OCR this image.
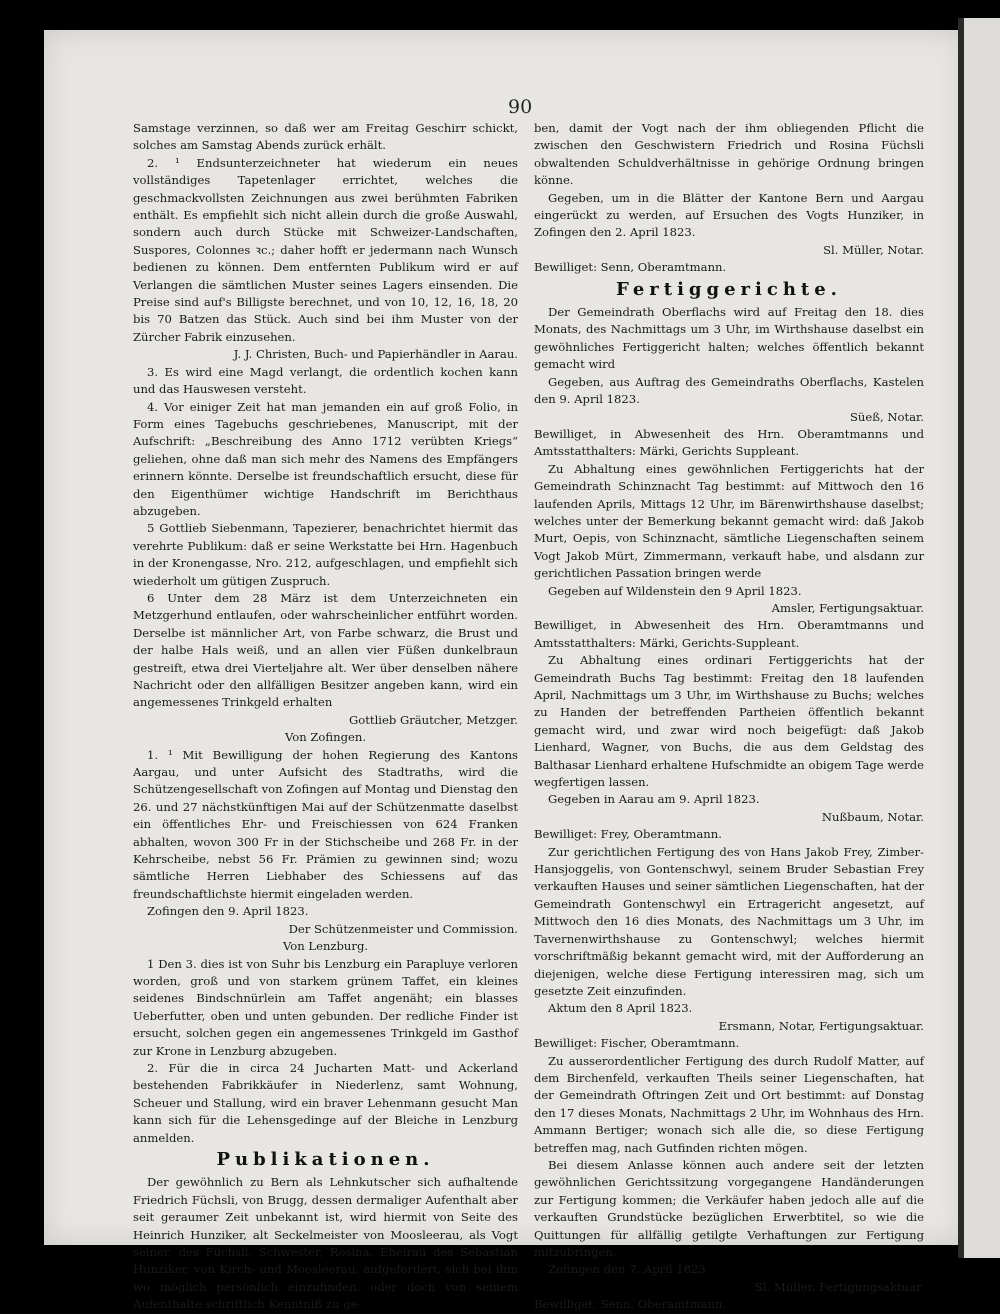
90

Samstage verzinnen, so daß wer am Freitag Geschirr schickt, solches am Samstag Abends zurück erhält.

2. ¹ Endsunterzeichneter hat wiederum ein neues vollständiges Tapetenlager errichtet, welches die geschmackvollsten Zeichnungen aus zwei berühmten Fabriken enthält. Es empfiehlt sich nicht allein durch die große Auswahl, sondern auch durch Stücke mit Schweizer-Landschaften, Suspores, Colonnes ꝛc.; daher hofft er jedermann nach Wunsch bedienen zu können. Dem entfernten Publikum wird er auf Verlangen die sämtlichen Muster seines Lagers einsenden. Die Preise sind auf's Billigste berechnet, und von 10, 12, 16, 18, 20 bis 70 Batzen das Stück. Auch sind bei ihm Muster von der Zürcher Fabrik einzusehen.

J. J. Christen, Buch- und Papierhändler in Aarau.

3. Es wird eine Magd verlangt, die ordentlich kochen kann und das Hauswesen versteht.

4. Vor einiger Zeit hat man jemanden ein auf groß Folio, in Form eines Tagebuchs geschriebenes, Manuscript, mit der Aufschrift: „Beschreibung des Anno 1712 verübten Kriegs“ geliehen, ohne daß man sich mehr des Namens des Empfängers erinnern könnte. Derselbe ist freundschaftlich ersucht, diese für den Eigenthümer wichtige Handschrift im Berichthaus abzugeben.

5 Gottlieb Siebenmann, Tapezierer, benachrichtet hiermit das verehrte Publikum: daß er seine Werkstatte bei Hrn. Hagenbuch in der Kronengasse, Nro. 212, aufgeschlagen, und empfiehlt sich wiederholt um gütigen Zuspruch.

6 Unter dem 28 März ist dem Unterzeichneten ein Metzgerhund entlaufen, oder wahrscheinlicher entführt worden. Derselbe ist männlicher Art, von Farbe schwarz, die Brust und der halbe Hals weiß, und an allen vier Füßen dunkelbraun gestreift, etwa drei Vierteljahre alt. Wer über denselben nähere Nachricht oder den allfälligen Besitzer angeben kann, wird ein angemessenes Trinkgeld erhalten

Gottlieb Gräutcher, Metzger.

Von Zofingen.

1. ¹ Mit Bewilligung der hohen Regierung des Kantons Aargau, und unter Aufsicht des Stadtraths, wird die Schützengesellschaft von Zofingen auf Montag und Dienstag den 26. und 27 nächstkünftigen Mai auf der Schützenmatte daselbst ein öffentliches Ehr- und Freischiessen von 624 Franken abhalten, wovon 300 Fr in der Stichscheibe und 268 Fr. in der Kehrscheibe, nebst 56 Fr. Prämien zu gewinnen sind; wozu sämtliche Herren Liebhaber des Schiessens auf das freundschaftlichste hiermit eingeladen werden.

Zofingen den 9. April 1823.

Der Schützenmeister und Commission.

Von Lenzburg.

1 Den 3. dies ist von Suhr bis Lenzburg ein Parapluye verloren worden, groß und von starkem grünem Taffet, ein kleines seidenes Bindschnürlein am Taffet angenäht; ein blasses Ueberfutter, oben und unten gebunden. Der redliche Finder ist ersucht, solchen gegen ein angemessenes Trinkgeld im Gasthof zur Krone in Lenzburg abzugeben.

2. Für die in circa 24 Jucharten Matt- und Ackerland bestehenden Fabrikkäufer in Niederlenz, samt Wohnung, Scheuer und Stallung, wird ein braver Lehenmann gesucht Man kann sich für die Lehensgedinge auf der Bleiche in Lenzburg anmelden.

Publikationen.

Der gewöhnlich zu Bern als Lehnkutscher sich aufhaltende Friedrich Füchsli, von Brugg, dessen dermaliger Aufenthalt aber seit geraumer Zeit unbekannt ist, wird hiermit von Seite des Heinrich Hunziker, alt Seckelmeister von Moosleerau, als Vogt seiner, des Füchsli, Schwester, Rosina, Eheirau des Sebastian Hunziker, von Kirch- und Moosleerau, aufgefordert, sich bei ihm wo möglich persönlich einzufinden, oder doch von seinem Aufenthalte schriftlich Kenntniß zu ge-

ben, damit der Vogt nach der ihm obliegenden Pflicht die zwischen den Geschwistern Friedrich und Rosina Füchsli obwaltenden Schuldverhältnisse in gehörige Ordnung bringen könne.

Gegeben, um in die Blätter der Kantone Bern und Aargau eingerückt zu werden, auf Ersuchen des Vogts Hunziker, in Zofingen den 2. April 1823.

Sl. Müller, Notar.

Bewilliget: Senn, Oberamtmann.

Fertiggerichte.

Der Gemeindrath Oberflachs wird auf Freitag den 18. dies Monats, des Nachmittags um 3 Uhr, im Wirthshause daselbst ein gewöhnliches Fertiggericht halten; welches öffentlich bekannt gemacht wird

Gegeben, aus Auftrag des Gemeindraths Oberflachs, Kastelen den 9. April 1823.

Süeß, Notar.

Bewilliget, in Abwesenheit des Hrn. Oberamtmanns und Amtsstatthalters: Märki, Gerichts Suppleant.

Zu Abhaltung eines gewöhnlichen Fertiggerichts hat der Gemeindrath Schinznacht Tag bestimmt: auf Mittwoch den 16 laufenden Aprils, Mittags 12 Uhr, im Bärenwirthshause daselbst; welches unter der Bemerkung bekannt gemacht wird: daß Jakob Murt, Oepis, von Schinznacht, sämtliche Liegenschaften seinem Vogt Jakob Mürt, Zimmermann, verkauft habe, und alsdann zur gerichtlichen Passation bringen werde

Gegeben auf Wildenstein den 9 April 1823.

Amsler, Fertigungsaktuar.

Bewilliget, in Abwesenheit des Hrn. Oberamtmanns und Amtsstatthalters: Märki, Gerichts-Suppleant.

Zu Abhaltung eines ordinari Fertiggerichts hat der Gemeindrath Buchs Tag bestimmt: Freitag den 18 laufenden April, Nachmittags um 3 Uhr, im Wirthshause zu Buchs; welches zu Handen der betreffenden Partheien öffentlich bekannt gemacht wird, und zwar wird noch beigefügt: daß Jakob Lienhard, Wagner, von Buchs, die aus dem Geldstag des Balthasar Lienhard erhaltene Hufschmidte an obigem Tage werde wegfertigen lassen.

Gegeben in Aarau am 9. April 1823.

Nußbaum, Notar.

Bewilliget: Frey, Oberamtmann.

Zur gerichtlichen Fertigung des von Hans Jakob Frey, Zimber-Hansjoggelis, von Gontenschwyl, seinem Bruder Sebastian Frey verkauften Hauses und seiner sämtlichen Liegenschaften, hat der Gemeindrath Gontenschwyl ein Ertragericht angesetzt, auf Mittwoch den 16 dies Monats, des Nachmittags um 3 Uhr, im Tavernenwirthshause zu Gontenschwyl; welches hiermit vorschriftmäßig bekannt gemacht wird, mit der Aufforderung an diejenigen, welche diese Fertigung interessiren mag, sich um gesetzte Zeit einzufinden.

Aktum den 8 April 1823.

Ersmann, Notar, Fertigungsaktuar.

Bewilliget: Fischer, Oberamtmann.

Zu ausserordentlicher Fertigung des durch Rudolf Matter, auf dem Birchenfeld, verkauften Theils seiner Liegenschaften, hat der Gemeindrath Oftringen Zeit und Ort bestimmt: auf Donstag den 17 dieses Monats, Nachmittags 2 Uhr, im Wohnhaus des Hrn. Ammann Bertiger; wonach sich alle die, so diese Fertigung betreffen mag, nach Gutfinden richten mögen.

Bei diesem Anlasse können auch andere seit der letzten gewöhnlichen Gerichtssitzung vorgegangene Handänderungen zur Fertigung kommen; die Verkäufer haben jedoch alle auf die verkauften Grundstücke bezüglichen Erwerbtitel, so wie die Quittungen für allfällig getilgte Verhaftungen zur Fertigung mitzubringen.

Zofingen den 7. April 1823

Sl. Müller, Fertigungsaktuar.

Bewilliget: Senn, Oberamtmann.
